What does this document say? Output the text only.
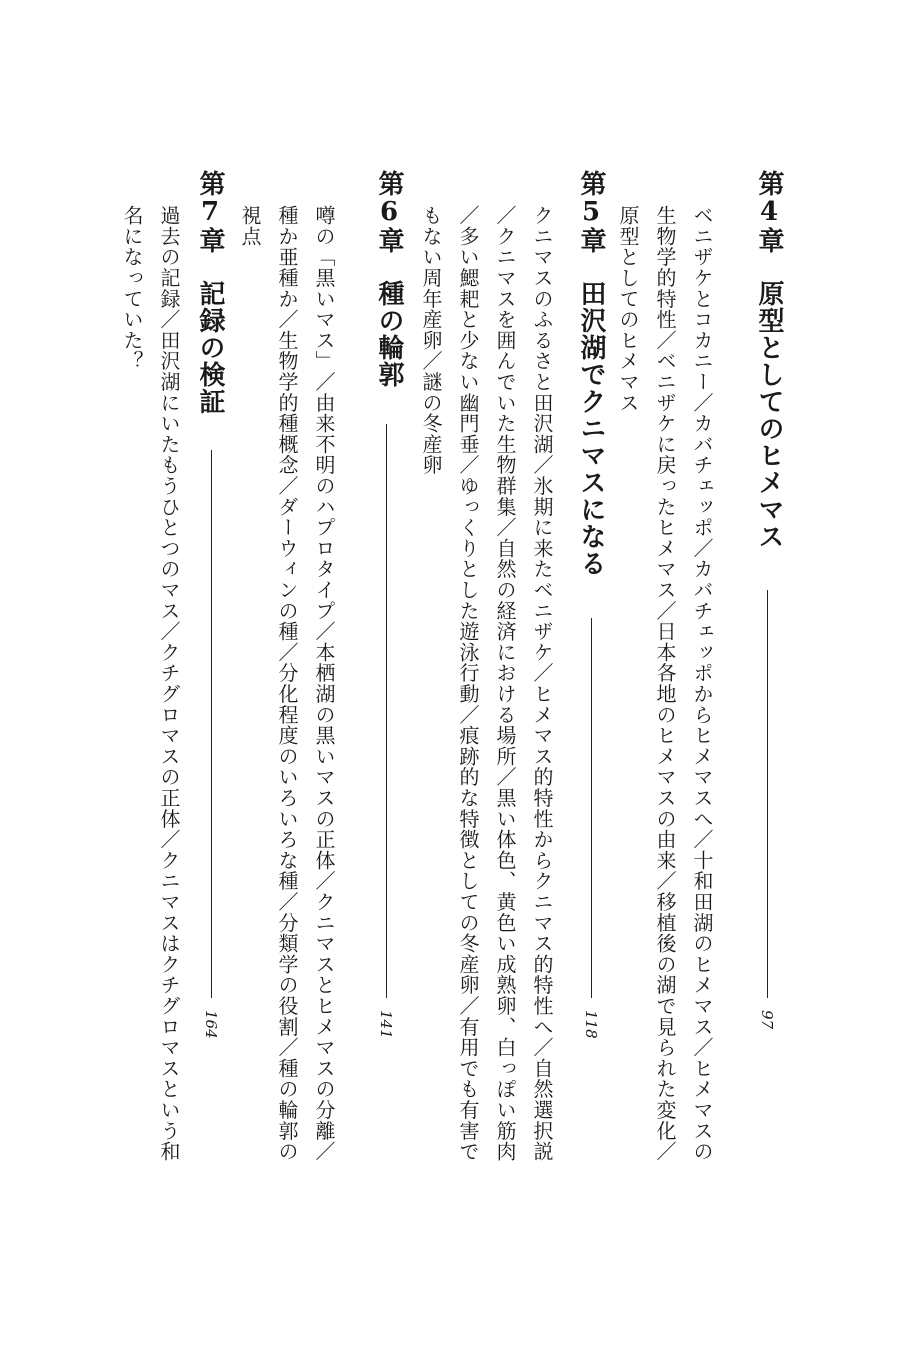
第
4
章
原型としてのヒメマス
97
ベニザケとコカニー／カバチェッポ／カバチェッポからヒメマスへ／十和田湖のヒメマス／ヒメマスの生物学的特性／ベニザケに戻ったヒメマス／日本各地のヒメマスの由来／移植後の湖で見られた変化／原型としてのヒメマス
第
5
章
田沢湖でクニマスになる
118
クニマスのふるさと田沢湖／氷期に来たベニザケ／ヒメマス的特性からクニマス的特性へ／自然選択説／クニマスを囲んでいた生物群集／自然の経済における場所／黒い体色、黄色い成熟卵、白っぽい筋肉／多い鰓耙と少ない幽門垂／ゆっくりとした遊泳行動／痕跡的な特徴としての冬産卵／有用でも有害でもない周年産卵／謎の冬産卵
第
6
章
種の輪郭
141
噂の「黒いマス」／由来不明のハプロタイプ／本栖湖の黒いマスの正体／クニマスとヒメマスの分離／種か亜種か／生物学的種概念／ダーウィンの種／分化程度のいろいろな種／分類学の役割／種の輪郭の視点
第
7
章
記録の検証
164
過去の記録／田沢湖にいたもうひとつのマス／クチグロマスの正体／クニマスはクチグロマスという和名になっていた？
